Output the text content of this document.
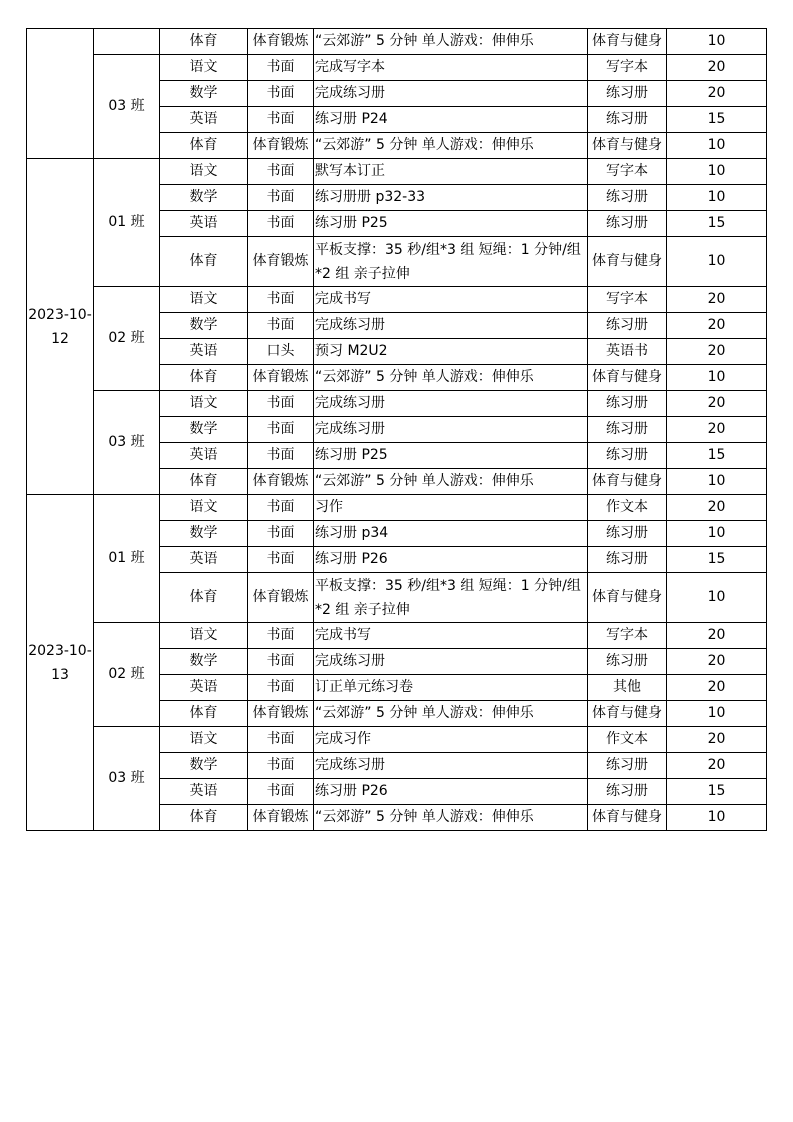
		体育	体育锻炼	“云郊游” 5 分钟 单人游戏：伸伸乐	体育与健身	10
	03 班	语文	书面	完成写字本	写字本	20
		数学	书面	完成练习册	练习册	20
		英语	书面	练习册 P24	练习册	15
		体育	体育锻炼	“云郊游” 5 分钟 单人游戏：伸伸乐	体育与健身	10

2023-10-
12	01 班	语文	书面	默写本订正	写字本	10
		数学	书面	练习册册 p32-33	练习册	10
		英语	书面	练习册 P25	练习册	15
		体育	体育锻炼	平板支撑：35 秒/组*3 组 短绳：1 分钟/组*2 组 亲子拉伸	体育与健身	10
	02 班	语文	书面	完成书写	写字本	20
		数学	书面	完成练习册	练习册	20
		英语	口头	预习 M2U2	英语书	20
		体育	体育锻炼	“云郊游” 5 分钟 单人游戏：伸伸乐	体育与健身	10
	03 班	语文	书面	完成练习册	练习册	20
		数学	书面	完成练习册	练习册	20
		英语	书面	练习册 P25	练习册	15
		体育	体育锻炼	“云郊游” 5 分钟 单人游戏：伸伸乐	体育与健身	10

2023-10-
13	01 班	语文	书面	习作	作文本	20
		数学	书面	练习册 p34	练习册	10
		英语	书面	练习册 P26	练习册	15
		体育	体育锻炼	平板支撑：35 秒/组*3 组 短绳：1 分钟/组*2 组 亲子拉伸	体育与健身	10
	02 班	语文	书面	完成书写	写字本	20
		数学	书面	完成练习册	练习册	20
		英语	书面	订正单元练习卷	其他	20
		体育	体育锻炼	“云郊游” 5 分钟 单人游戏：伸伸乐	体育与健身	10
	03 班	语文	书面	完成习作	作文本	20
		数学	书面	完成练习册	练习册	20
		英语	书面	练习册 P26	练习册	15
		体育	体育锻炼	“云郊游” 5 分钟 单人游戏：伸伸乐	体育与健身	10
